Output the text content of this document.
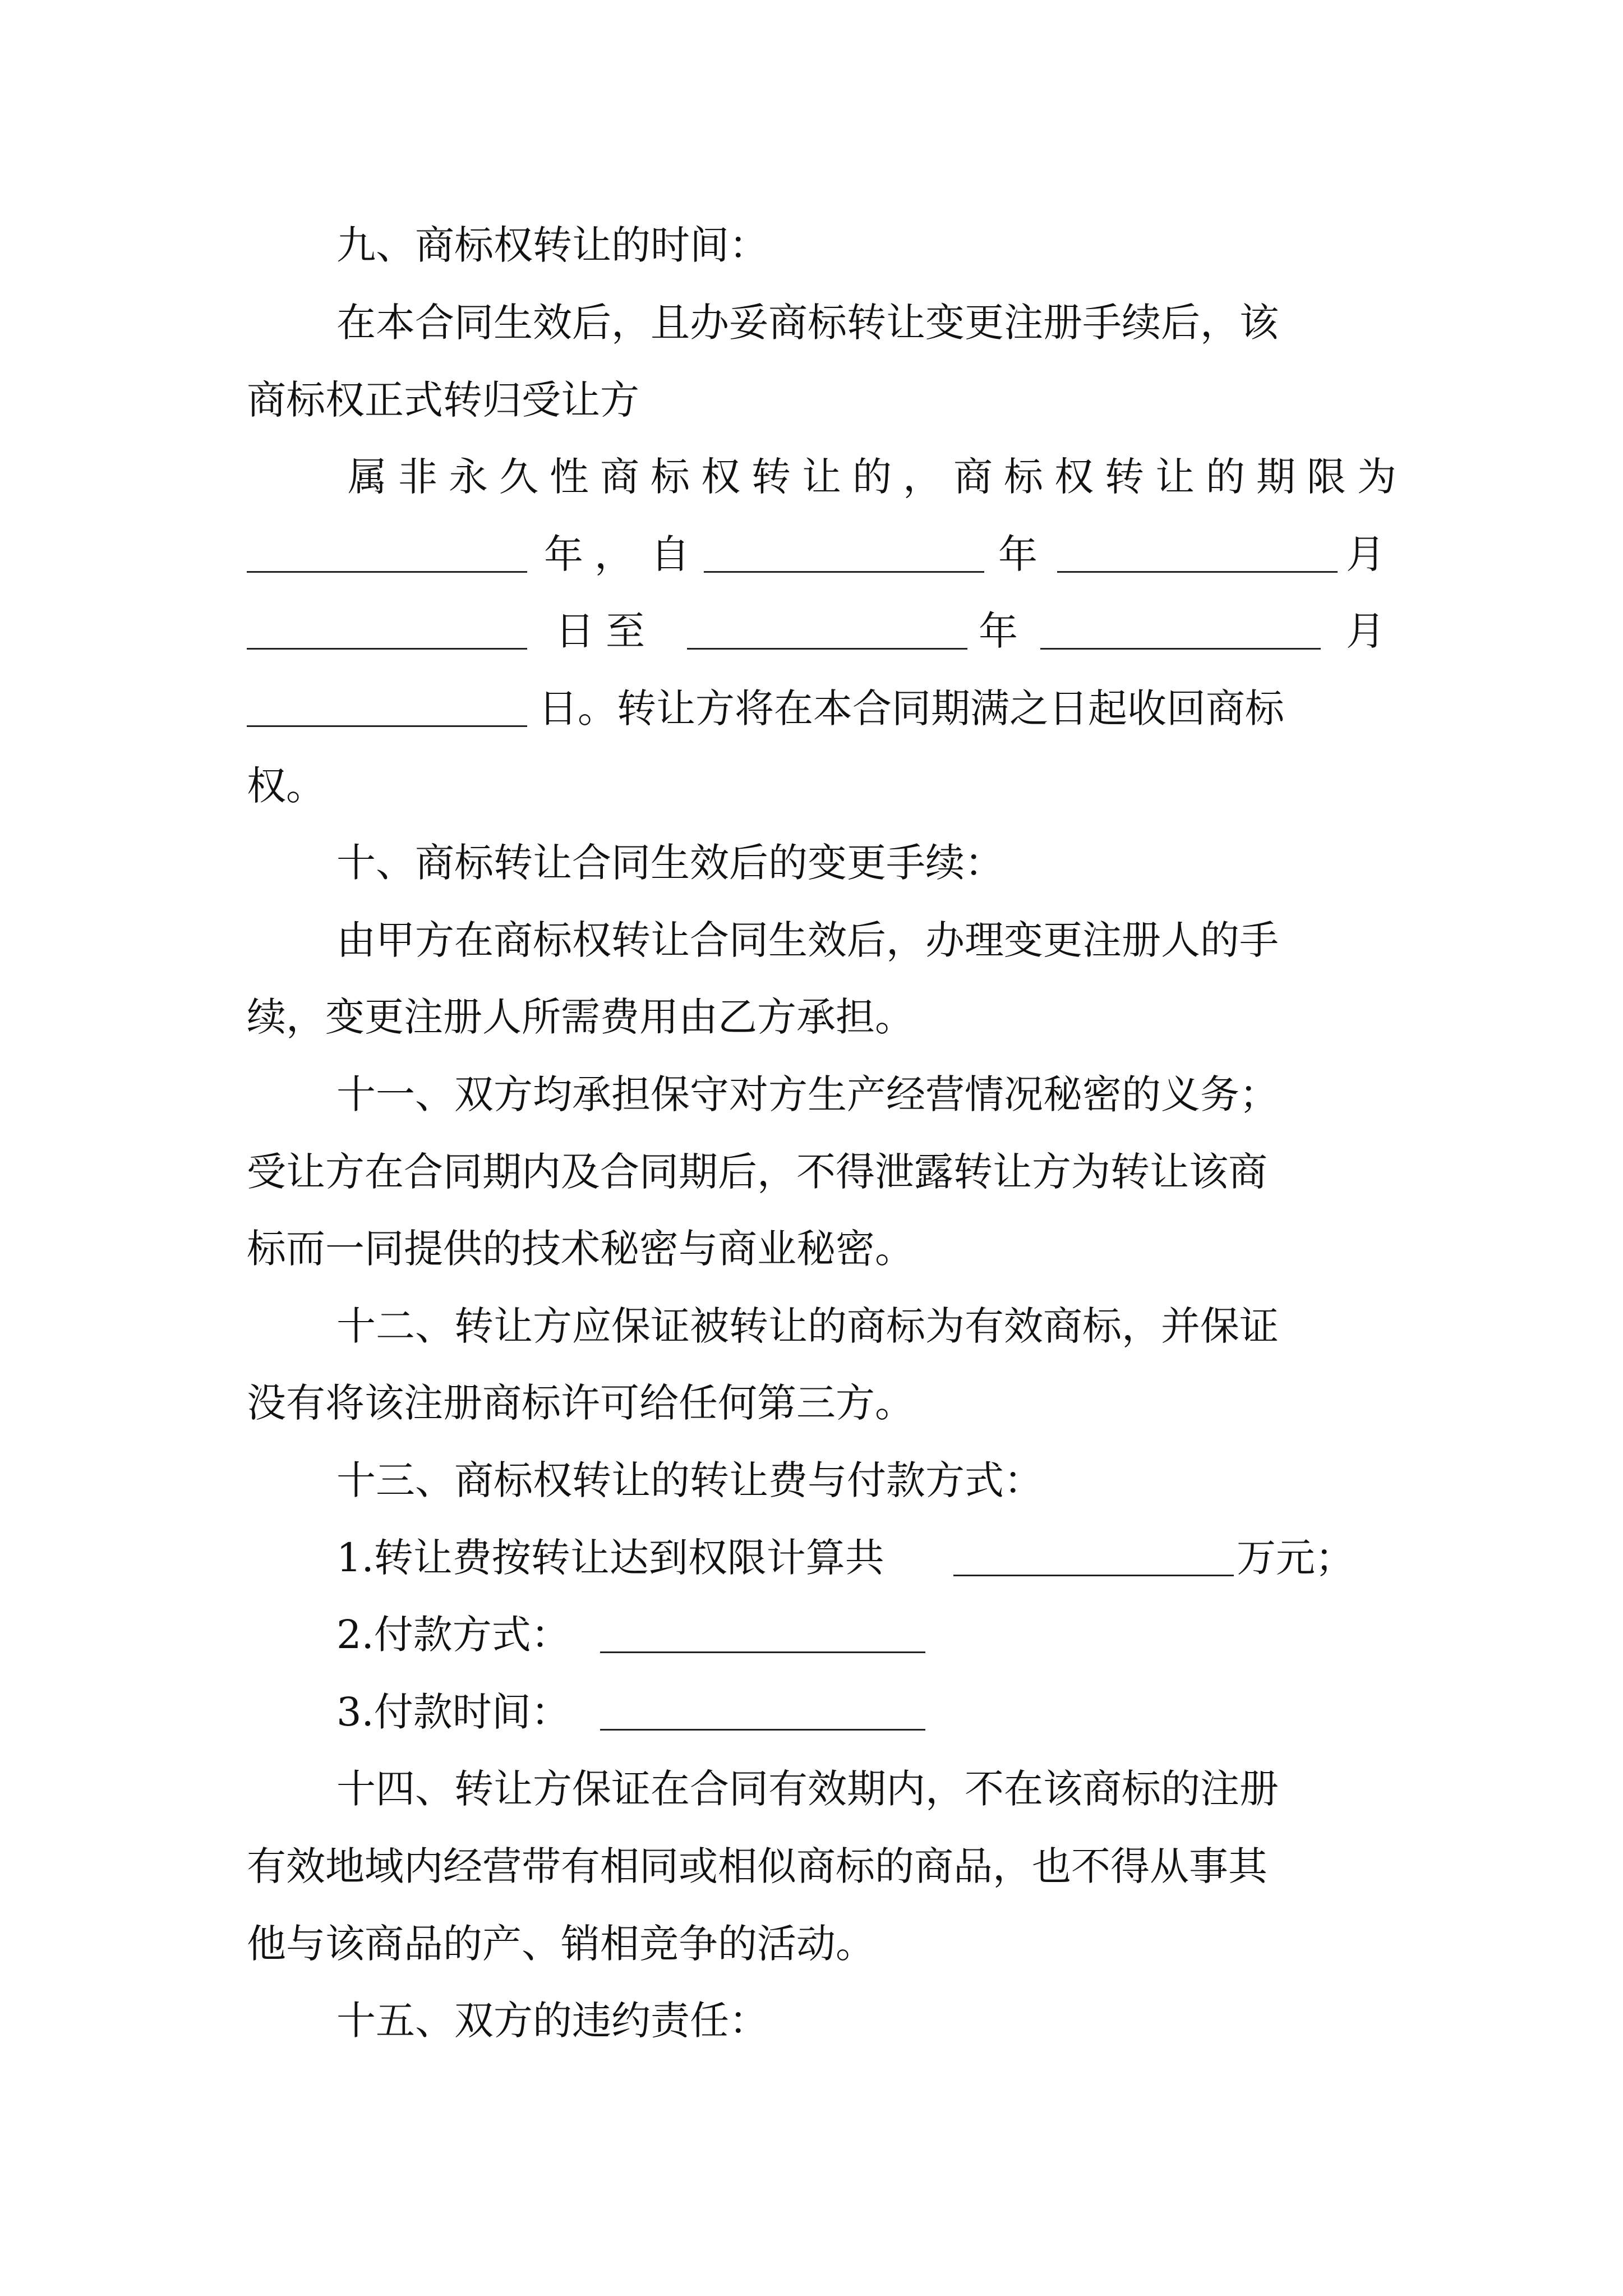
九、商标权转让的时间：
在本合同生效后，且办妥商标转让变更注册手续后，该
商标权正式转归受让方
属非永久性商标权转让的，商标权转让的期限为
年， 自	年	月
日至	年	月
日。转让方将在本合同期满之日起收回商标
权。
十、商标转让合同生效后的变更手续：
由甲方在商标权转让合同生效后，办理变更注册人的手
续，变更注册人所需费用由乙方承担。
十一、双方均承担保守对方生产经营情况秘密的义务；
受让方在合同期内及合同期后，不得泄露转让方为转让该商
标而一同提供的技术秘密与商业秘密。
十二、转让方应保证被转让的商标为有效商标，并保证
没有将该注册商标许可给任何第三方。
十三、商标权转让的转让费与付款方式：
1.转让费按转让达到权限计算共	万元；
2.付款方式：
3.付款时间：
十四、转让方保证在合同有效期内，不在该商标的注册
有效地域内经营带有相同或相似商标的商品，也不得从事其
他与该商品的产、销相竞争的活动。
十五、双方的违约责任：
